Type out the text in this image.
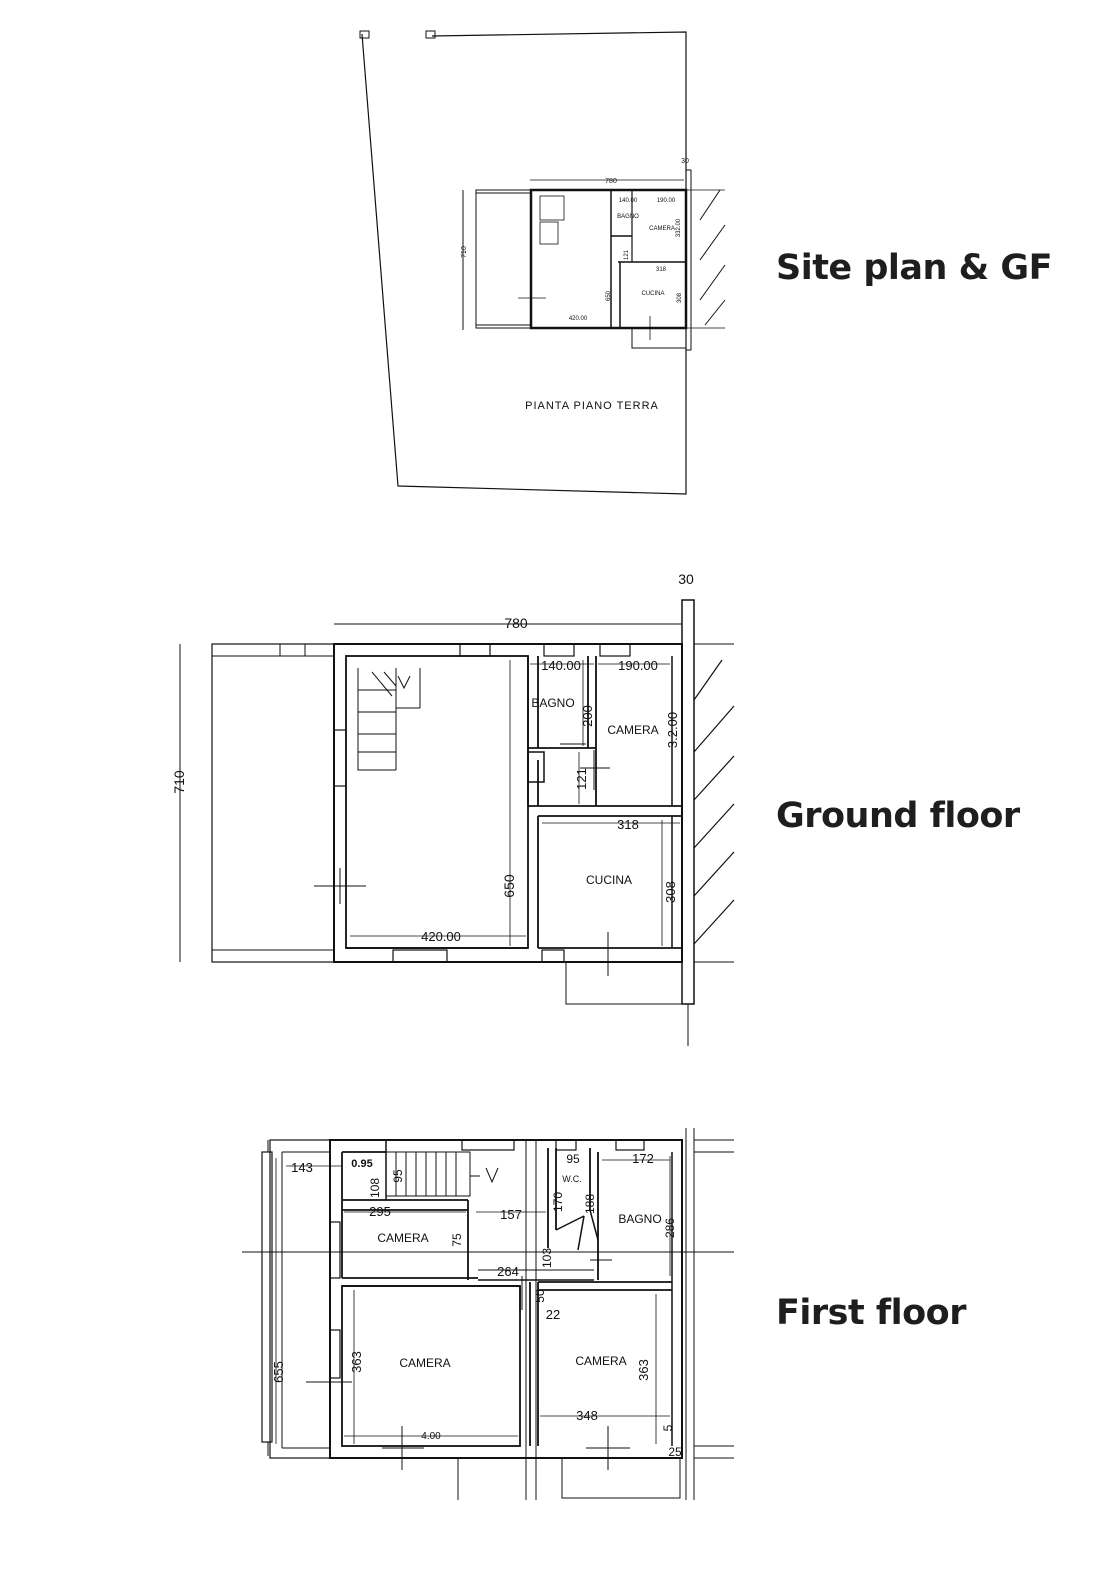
Site plan & GF
Ground floor
First floor
30
780
710
140.00	190.00
332.00
BAGNO
CAMERA
121
318
CUCINA
650	308
420.00
PIANTA PIANO TERRA
30
780
710
140.00	190.00
BAGNO
200
CAMERA 3.2.00
121
318
CUCINA
650	308
420.00
143	0.95
108
95
95	172
W.C.
295	157
170 188
BAGNO 286
CAMERA 75
264
103
50
22
655	363	CAMERA	CAMERA 363
348
4.00
5
25
